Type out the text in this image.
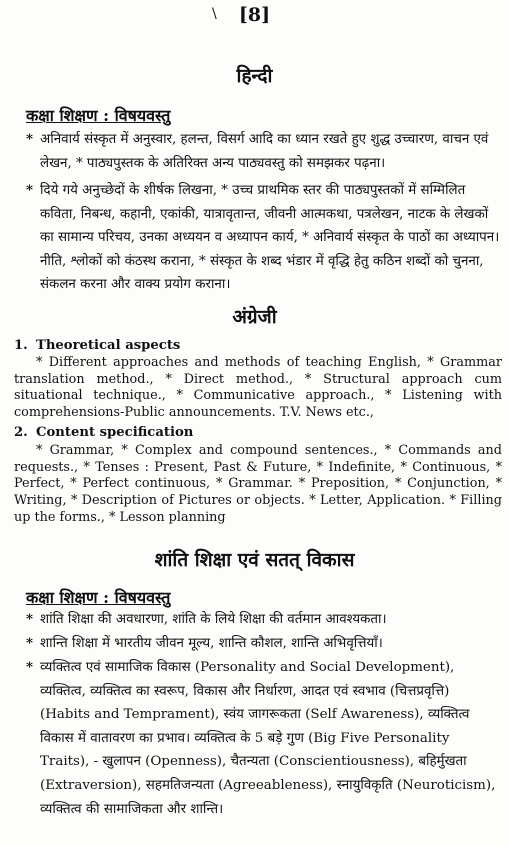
\ [8]
हिन्दी
कक्षा शिक्षण : विषयवस्तु
* अनिवार्य संस्कृत में अनुस्वार, हलन्त, विसर्ग आदि का ध्यान रखते हुए शुद्ध उच्चारण, वाचन एवं लेखन, * पाठ्यपुस्तक के अतिरिक्त अन्य पाठ्यवस्तु को समझकर पढ़ना।
* दिये गये अनुच्छेदों के शीर्षक लिखना, * उच्च प्राथमिक स्तर की पाठ्यपुस्तकों में सम्मिलित कविता, निबन्ध, कहानी, एकांकी, यात्रावृतान्त, जीवनी आत्मकथा, पत्रलेखन, नाटक के लेखकों का सामान्य परिचय, उनका अध्ययन व अध्यापन कार्य, * अनिवार्य संस्कृत के पाठों का अध्यापन। नीति, श्लोकों को कंठस्थ कराना, * संस्कृत के शब्द भंडार में वृद्धि हेतु कठिन शब्दों को चुनना, संकलन करना और वाक्य प्रयोग कराना।
अंग्रेजी
1. Theoretical aspects

* Different approaches and methods of teaching English, * Grammar translation method., * Direct method., * Structural approach cum situational technique., * Communicative approach., * Listening with comprehensions-Public announcements. T.V. News etc.,

2. Content specification

* Grammar, * Complex and compound sentences., * Commands and requests., * Tenses : Present, Past & Future, * Indefinite, * Continuous, * Perfect, * Perfect continuous, * Grammar. * Preposition, * Conjunction, * Writing, * Description of Pictures or objects. * Letter, Application. * Filling up the forms., * Lesson planning

शांति शिक्षा एवं सतत् विकास
कक्षा शिक्षण : विषयवस्तु
* शांति शिक्षा की अवधारणा, शांति के लिये शिक्षा की वर्तमान आवश्यकता।
* शान्ति शिक्षा में भारतीय जीवन मूल्य, शान्ति कौशल, शान्ति अभिवृत्तियाँ।
* व्यक्तित्व एवं सामाजिक विकास (Personality and Social Development), व्यक्तित्व, व्यक्तित्व का स्वरूप, विकास और निर्धारण, आदत एवं स्वभाव (चित्तप्रवृत्ति) (Habits and Temprament), स्वंय जागरूकता (Self Awareness), व्यक्तित्व विकास में वातावरण का प्रभाव। व्यक्तित्व के 5 बड़े गुण (Big Five Personality Traits), - खुलापन (Openness), चैतन्यता (Conscientiousness), बहिर्मुखता (Extraversion), सहमतिजन्यता (Agreeableness), स्नायुविकृति (Neuroticism), व्यक्तित्व की सामाजिकता और शान्ति।
